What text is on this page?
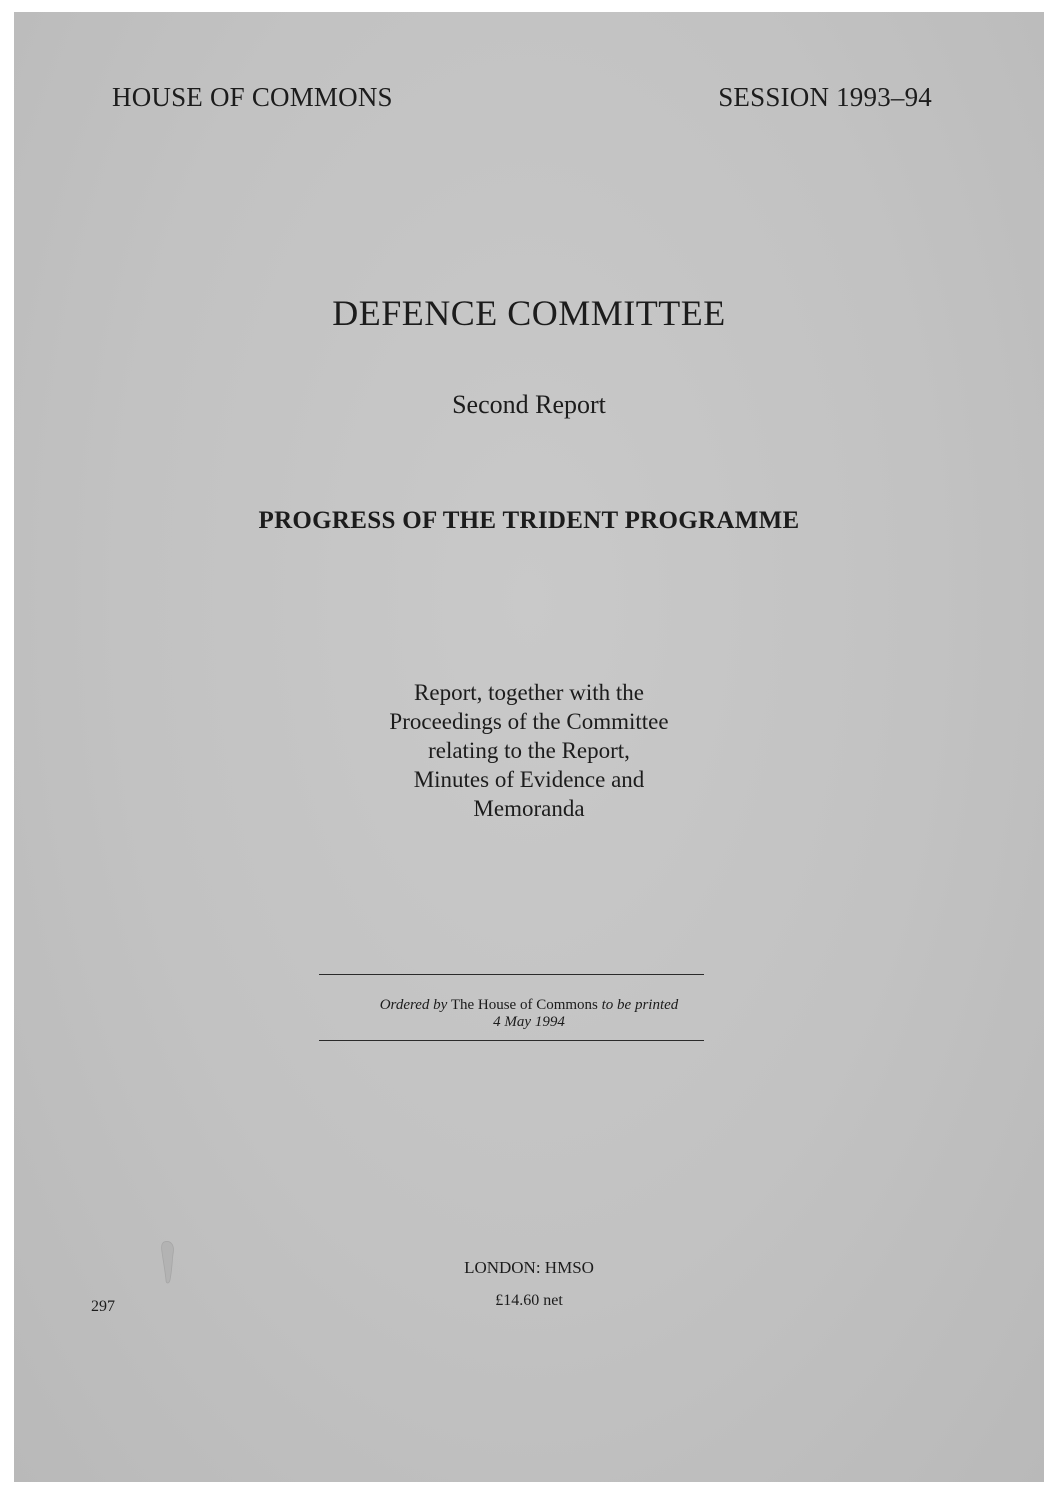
HOUSE OF COMMONS	SESSION 1993–94
DEFENCE COMMITTEE
Second Report
PROGRESS OF THE TRIDENT PROGRAMME
Report, together with the
Proceedings of the Committee
relating to the Report,
Minutes of Evidence and
Memoranda
Ordered by The House of Commons to be printed
4 May 1994
LONDON: HMSO
£14.60 net
297
